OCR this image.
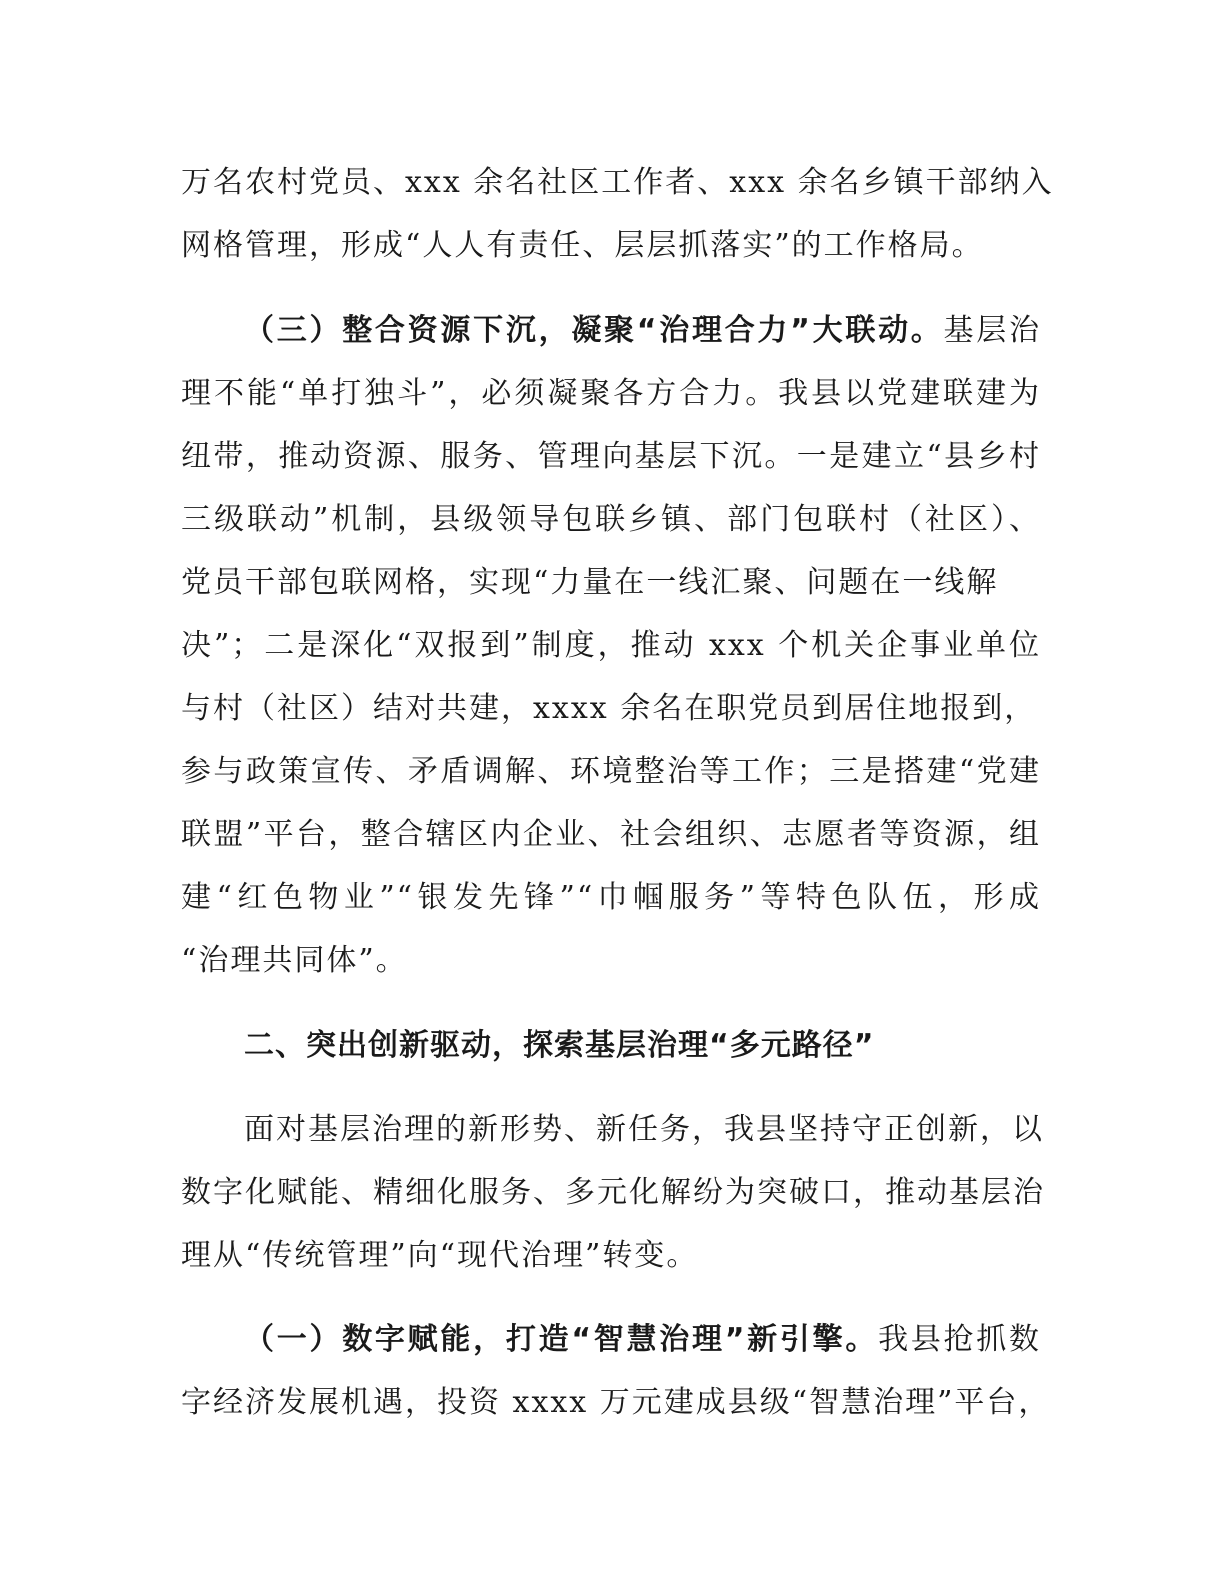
万名农村党员、xxx 余名社区工作者、xxx 余名乡镇干部纳入
网格管理，形成“人人有责任、层层抓落实”的工作格局。
（三）整合资源下沉，凝聚“治理合力”大联动。基层治
理不能“单打独斗”，必须凝聚各方合力。我县以党建联建为
纽带，推动资源、服务、管理向基层下沉。一是建立“县乡村
三级联动”机制，县级领导包联乡镇、部门包联村（社区）、
党员干部包联网格，实现“力量在一线汇聚、问题在一线解
决”；二是深化“双报到”制度，推动 xxx 个机关企事业单位
与村（社区）结对共建，xxxx 余名在职党员到居住地报到，
参与政策宣传、矛盾调解、环境整治等工作；三是搭建“党建
联盟”平台，整合辖区内企业、社会组织、志愿者等资源，组
建“红色物业”“银发先锋”“巾帼服务”等特色队伍，形成
“治理共同体”。
二、突出创新驱动，探索基层治理“多元路径”
面对基层治理的新形势、新任务，我县坚持守正创新，以
数字化赋能、精细化服务、多元化解纷为突破口，推动基层治
理从“传统管理”向“现代治理”转变。
（一）数字赋能，打造“智慧治理”新引擎。我县抢抓数
字经济发展机遇，投资 xxxx 万元建成县级“智慧治理”平台，
